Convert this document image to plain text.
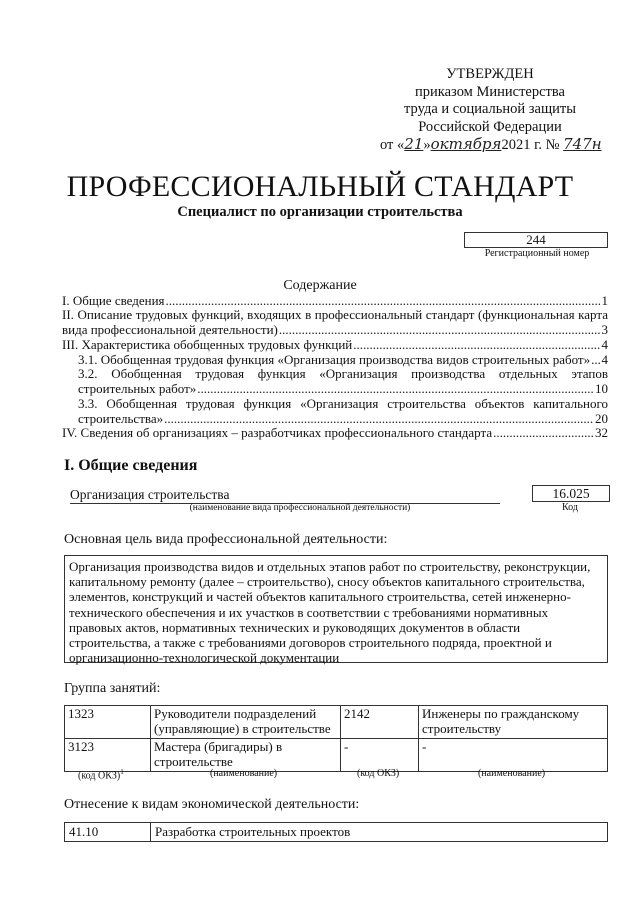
УТВЕРЖДЕН
приказом Министерства
труда и социальной защиты
Российской Федерации
от «21»октября2021 г. № 747н
ПРОФЕССИОНАЛЬНЫЙ СТАНДАРТ
Специалист по организации строительства
244
Регистрационный номер
Содержание
I. Общие сведения .....	1
II. Описание трудовых функций, входящих в профессиональный стандарт (функциональная карта
вида профессиональной деятельности) .....	3
III. Характеристика обобщенных трудовых функций .....	4
3.1. Обобщенная трудовая функция «Организация производства видов строительных работ» ..... 4
3.2. Обобщенная трудовая функция «Организация производства отдельных этапов
строительных работ» .....	10
3.3. Обобщенная трудовая функция «Организация строительства объектов капитального
строительства» .....	20
IV. Сведения об организациях – разработчиках профессионального стандарта .....	32
I. Общие сведения
Организация строительства
(наименование вида профессиональной деятельности)
16.025
Код
Основная цель вида профессиональной деятельности:
Организация производства видов и отдельных этапов работ по строительству, реконструкции, капитальному ремонту (далее – строительство), сносу объектов капитального строительства, элементов, конструкций и частей объектов капитального строительства, сетей инженерно-технического обеспечения и их участков в соответствии с требованиями нормативных правовых актов, нормативных технических и руководящих документов в области строительства, а также с требованиями договоров строительного подряда, проектной и организационно-технологической документации
Группа занятий:
1323	Руководители подразделений (управляющие) в строительстве	2142	Инженеры по гражданскому строительству
3123	Мастера (бригадиры) в строительстве	-	-
(код ОКЗ)$^1$	(наименование)	(код ОКЗ)	(наименование)
Отнесение к видам экономической деятельности:
41.10	Разработка строительных проектов
